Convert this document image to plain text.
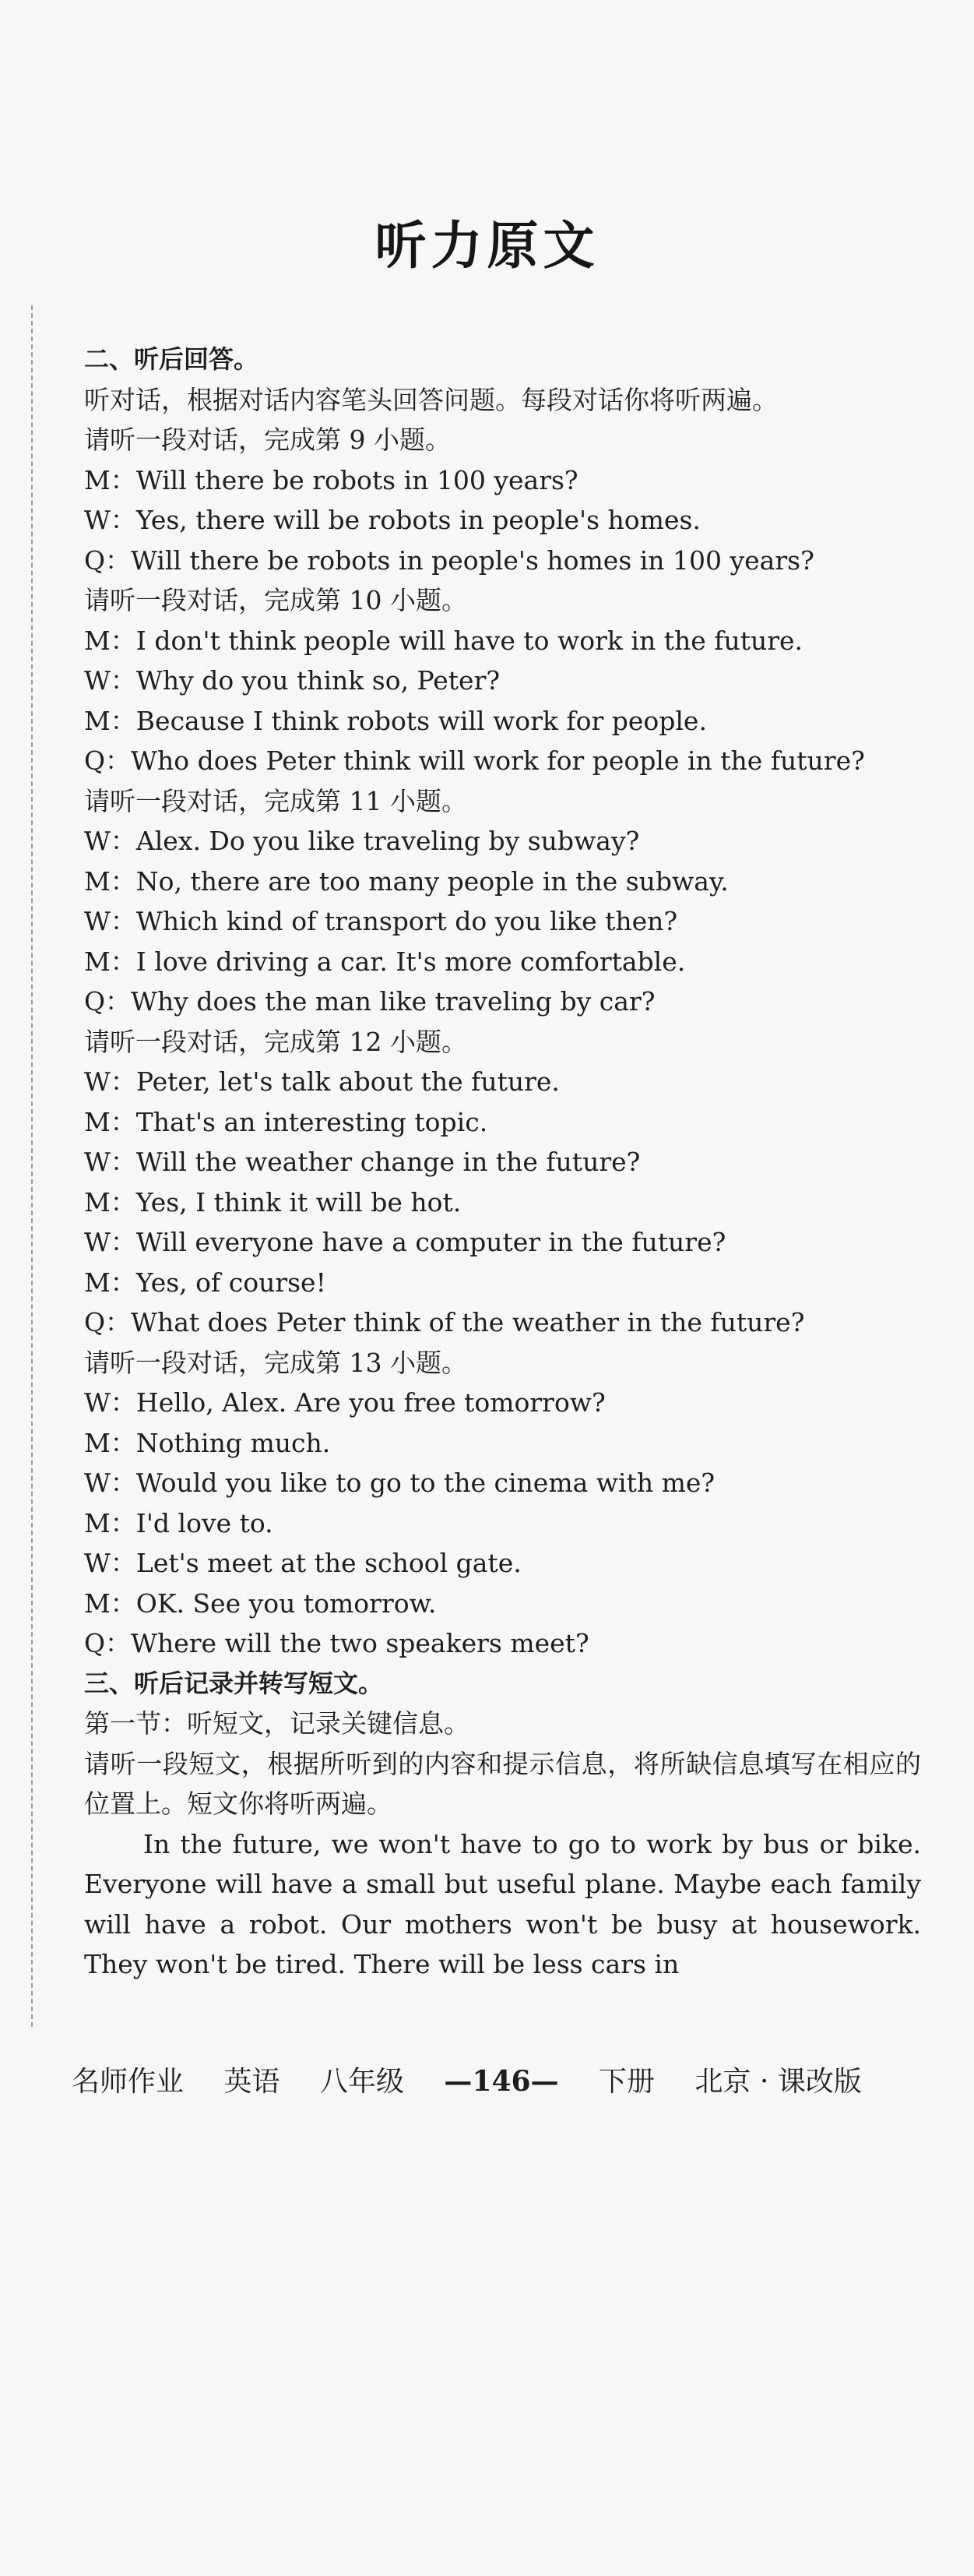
听力原文
二、听后回答。
听对话，根据对话内容笔头回答问题。每段对话你将听两遍。
请听一段对话，完成第 9 小题。
M：Will there be robots in 100 years?
W：Yes, there will be robots in people's homes.
Q：Will there be robots in people's homes in 100 years?
请听一段对话，完成第 10 小题。
M：I don't think people will have to work in the future.
W：Why do you think so, Peter?
M：Because I think robots will work for people.
Q：Who does Peter think will work for people in the future?
请听一段对话，完成第 11 小题。
W：Alex. Do you like traveling by subway?
M：No, there are too many people in the subway.
W：Which kind of transport do you like then?
M：I love driving a car. It's more comfortable.
Q：Why does the man like traveling by car?
请听一段对话，完成第 12 小题。
W：Peter, let's talk about the future.
M：That's an interesting topic.
W：Will the weather change in the future?
M：Yes, I think it will be hot.
W：Will everyone have a computer in the future?
M：Yes, of course!
Q：What does Peter think of the weather in the future?
请听一段对话，完成第 13 小题。
W：Hello, Alex. Are you free tomorrow?
M：Nothing much.
W：Would you like to go to the cinema with me?
M：I'd love to.
W：Let's meet at the school gate.
M：OK. See you tomorrow.
Q：Where will the two speakers meet?
三、听后记录并转写短文。
第一节：听短文，记录关键信息。
请听一段短文，根据所听到的内容和提示信息，将所缺信息填写在相应的位置上。短文你将听两遍。
In the future, we won't have to go to work by bus or bike. Everyone will have a small but useful plane. Maybe each family will have a robot. Our mothers won't be busy at housework. They won't be tired. There will be less cars in
名师作业 英语 八年级 —146— 下册 北京 · 课改版
